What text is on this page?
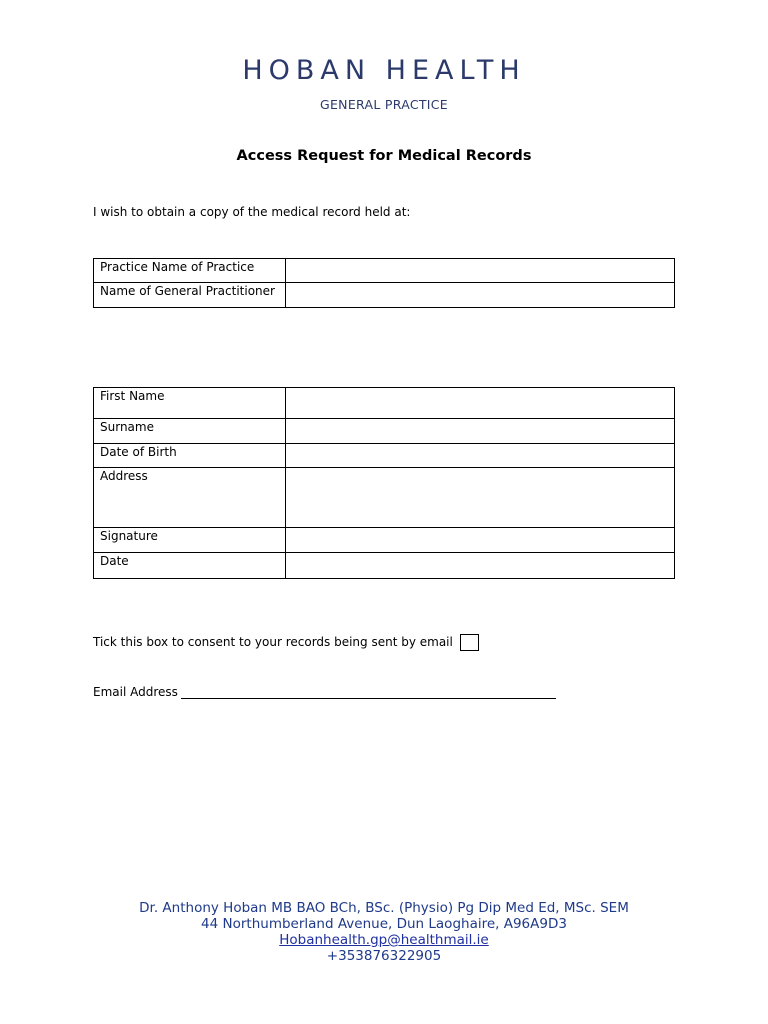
HOBAN HEALTH
GENERAL PRACTICE
Access Request for Medical Records
I wish to obtain a copy of the medical record held at:
Practice Name of Practice	
Name of General Practitioner	
First Name	
Surname	
Date of Birth	
Address	
Signature	
Date	
Tick this box to consent to your records being sent by email
Email Address
Dr. Anthony Hoban MB BAO BCh, BSc. (Physio) Pg Dip Med Ed, MSc. SEM
44 Northumberland Avenue, Dun Laoghaire, A96A9D3
Hobanhealth.gp@healthmail.ie
+353876322905
